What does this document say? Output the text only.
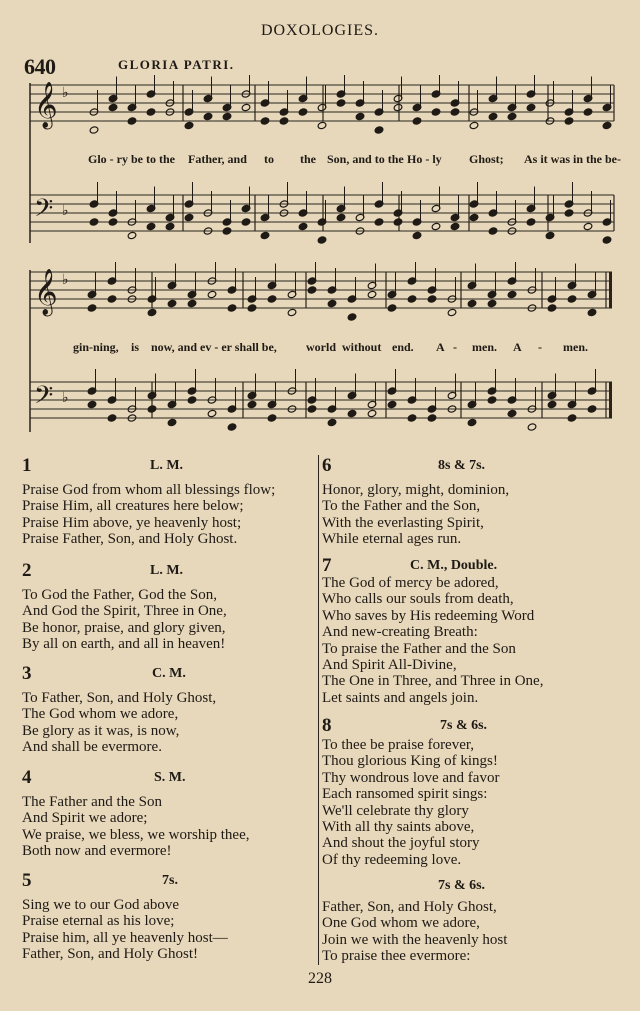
DOXOLOGIES.
640	GLORIA PATRI.
𝄞 ♭
𝄢 ♭
𝄞 ♭
𝄢 ♭
Glo - ry be to the Father, and to the Son, and to the Ho - ly Ghost; As it was in the be-
gin-ning, is now, and ev - er shall be, world without end. A - men. A - men.
1	L. M.
Praise God from whom all blessings flow;
Praise Him, all creatures here below;
Praise Him above, ye heavenly host;
Praise Father, Son, and Holy Ghost.
2	L. M.
To God the Father, God the Son,
And God the Spirit, Three in One,
Be honor, praise, and glory given,
By all on earth, and all in heaven!
3	C. M.
To Father, Son, and Holy Ghost,
The God whom we adore,
Be glory as it was, is now,
And shall be evermore.
4	S. M.
The Father and the Son
And Spirit we adore;
We praise, we bless, we worship thee,
Both now and evermore!
5	7s.
Sing we to our God above
Praise eternal as his love;
Praise him, all ye heavenly host—
Father, Son, and Holy Ghost!
6	8s & 7s.
Honor, glory, might, dominion,
To the Father and the Son,
With the everlasting Spirit,
While eternal ages run.
7	C. M., Double.
The God of mercy be adored,
Who calls our souls from death,
Who saves by His redeeming Word
And new-creating Breath:
To praise the Father and the Son
And Spirit All-Divine,
The One in Three, and Three in One,
Let saints and angels join.
8	7s & 6s.
To thee be praise forever,
Thou glorious King of kings!
Thy wondrous love and favor
Each ransomed spirit sings:
We'll celebrate thy glory
With all thy saints above,
And shout the joyful story
Of thy redeeming love.
7s & 6s.
Father, Son, and Holy Ghost,
One God whom we adore,
Join we with the heavenly host
To praise thee evermore:
228
